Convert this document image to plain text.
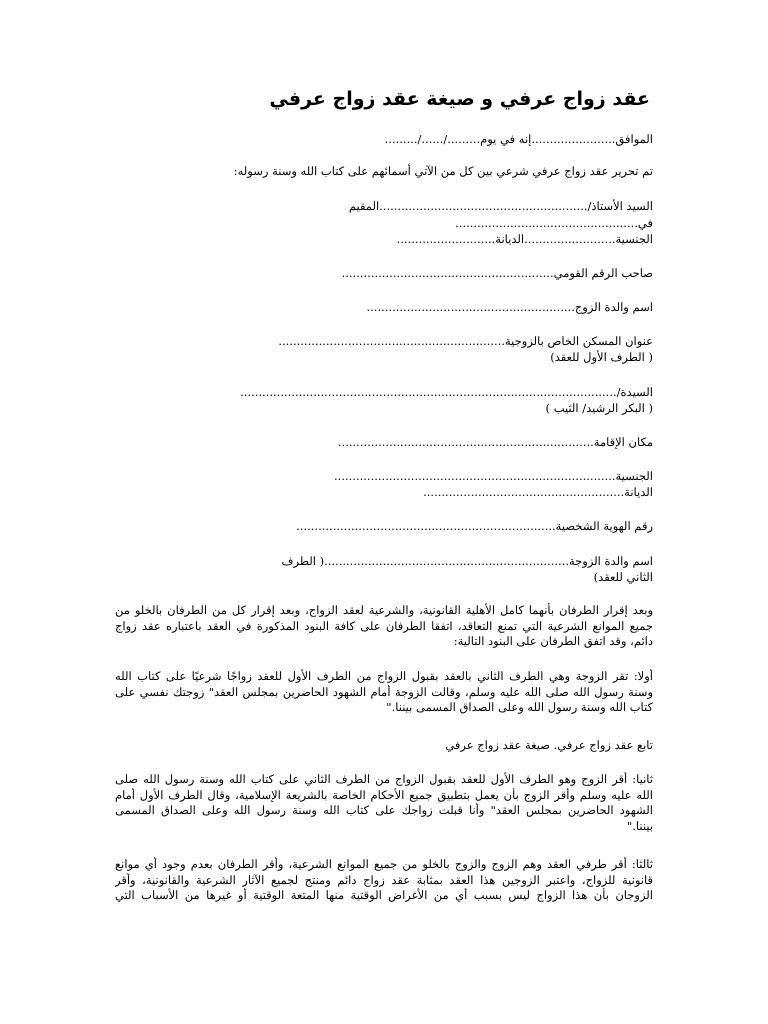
عقد زواج عرفي و صيغة عقد زواج عرفي
الموافق.......................إنه في يوم........./....../.........
تم تحرير عقد زواج عرفي شرعي بين كل من الآتي أسمائهم على كتاب الله وسنة رسوله:
السيد الأستاذ/.........................................................المقيم
في..................................................
الجنسية.........................الديانة...........................
صاحب الرقم القومي..........................................................
اسم والدة الزوج.........................................................
عنوان المسكن الخاص بالزوجية..............................................................
( الطرف الأول للعقد)
السيدة/.......................................................................................................
( البكر الرشيد/ الثيب )
مكان الإقامة......................................................................
الجنسية.............................................................................
الديانة.......................................................
رقم الهوية الشخصية.......................................................................
اسم والدة الزوجة...................................................................( الطرف
الثاني للعقد)
وبعد إقرار الطرفان بأنهما كامل الأهلية القانونية، والشرعية لعقد الزواج، وبعد إقرار كل من الطرفان بالخلو من
جميع الموانع الشرعية التي تمنع التعاقد، اتفقا الطرفان على كافة البنود المذكورة في العقد باعتباره عقد زواج
دائم، وقد اتفق الطرفان على البنود التالية:
أولا: تقر الزوجة وهي الطرف الثاني بالعقد بقبول الزواج من الطرف الأول للعقد زواجًا شرعيًا على كتاب الله
وسنة رسول الله صلى الله عليه وسلم، وقالت الزوجة أمام الشهود الحاضرين بمجلس العقد" زوجتك نفسي على
كتاب الله وسنة رسول الله وعلى الصداق المسمى بيننا."
تابع عقد زواج عرفي. صيغة عقد زواج عرفي
ثانيا: أقر الزوج وهو الطرف الأول للعقد بقبول الزواج من الطرف الثاني على كتاب الله وسنة رسول الله صلى
الله عليه وسلم وأقر الزوج بأن يعمل بتطبيق جميع الأحكام الخاصة بالشريعة الإسلامية، وقال الطرف الأول أمام
الشهود الحاضرين بمجلس العقد" وأنا قبلت زواجك على كتاب الله وسنة رسول الله وعلى الصداق المسمى
بيننا."
ثالثا: أقر طرفي العقد وهم الزوج والزوج بالخلو من جميع الموانع الشرعية، وأقر الطرفان بعدم وجود أي موانع
قانونية للزواج، واعتبر الزوجين هذا العقد بمثابة عقد زواج دائم ومنتج لجميع الآثار الشرعية والقانونية، وأقر
الزوجان بأن هذا الزواج ليس بسبب أي من الأغراض الوقتية منها المتعة الوقتية أو غيرها من الأسباب التي
